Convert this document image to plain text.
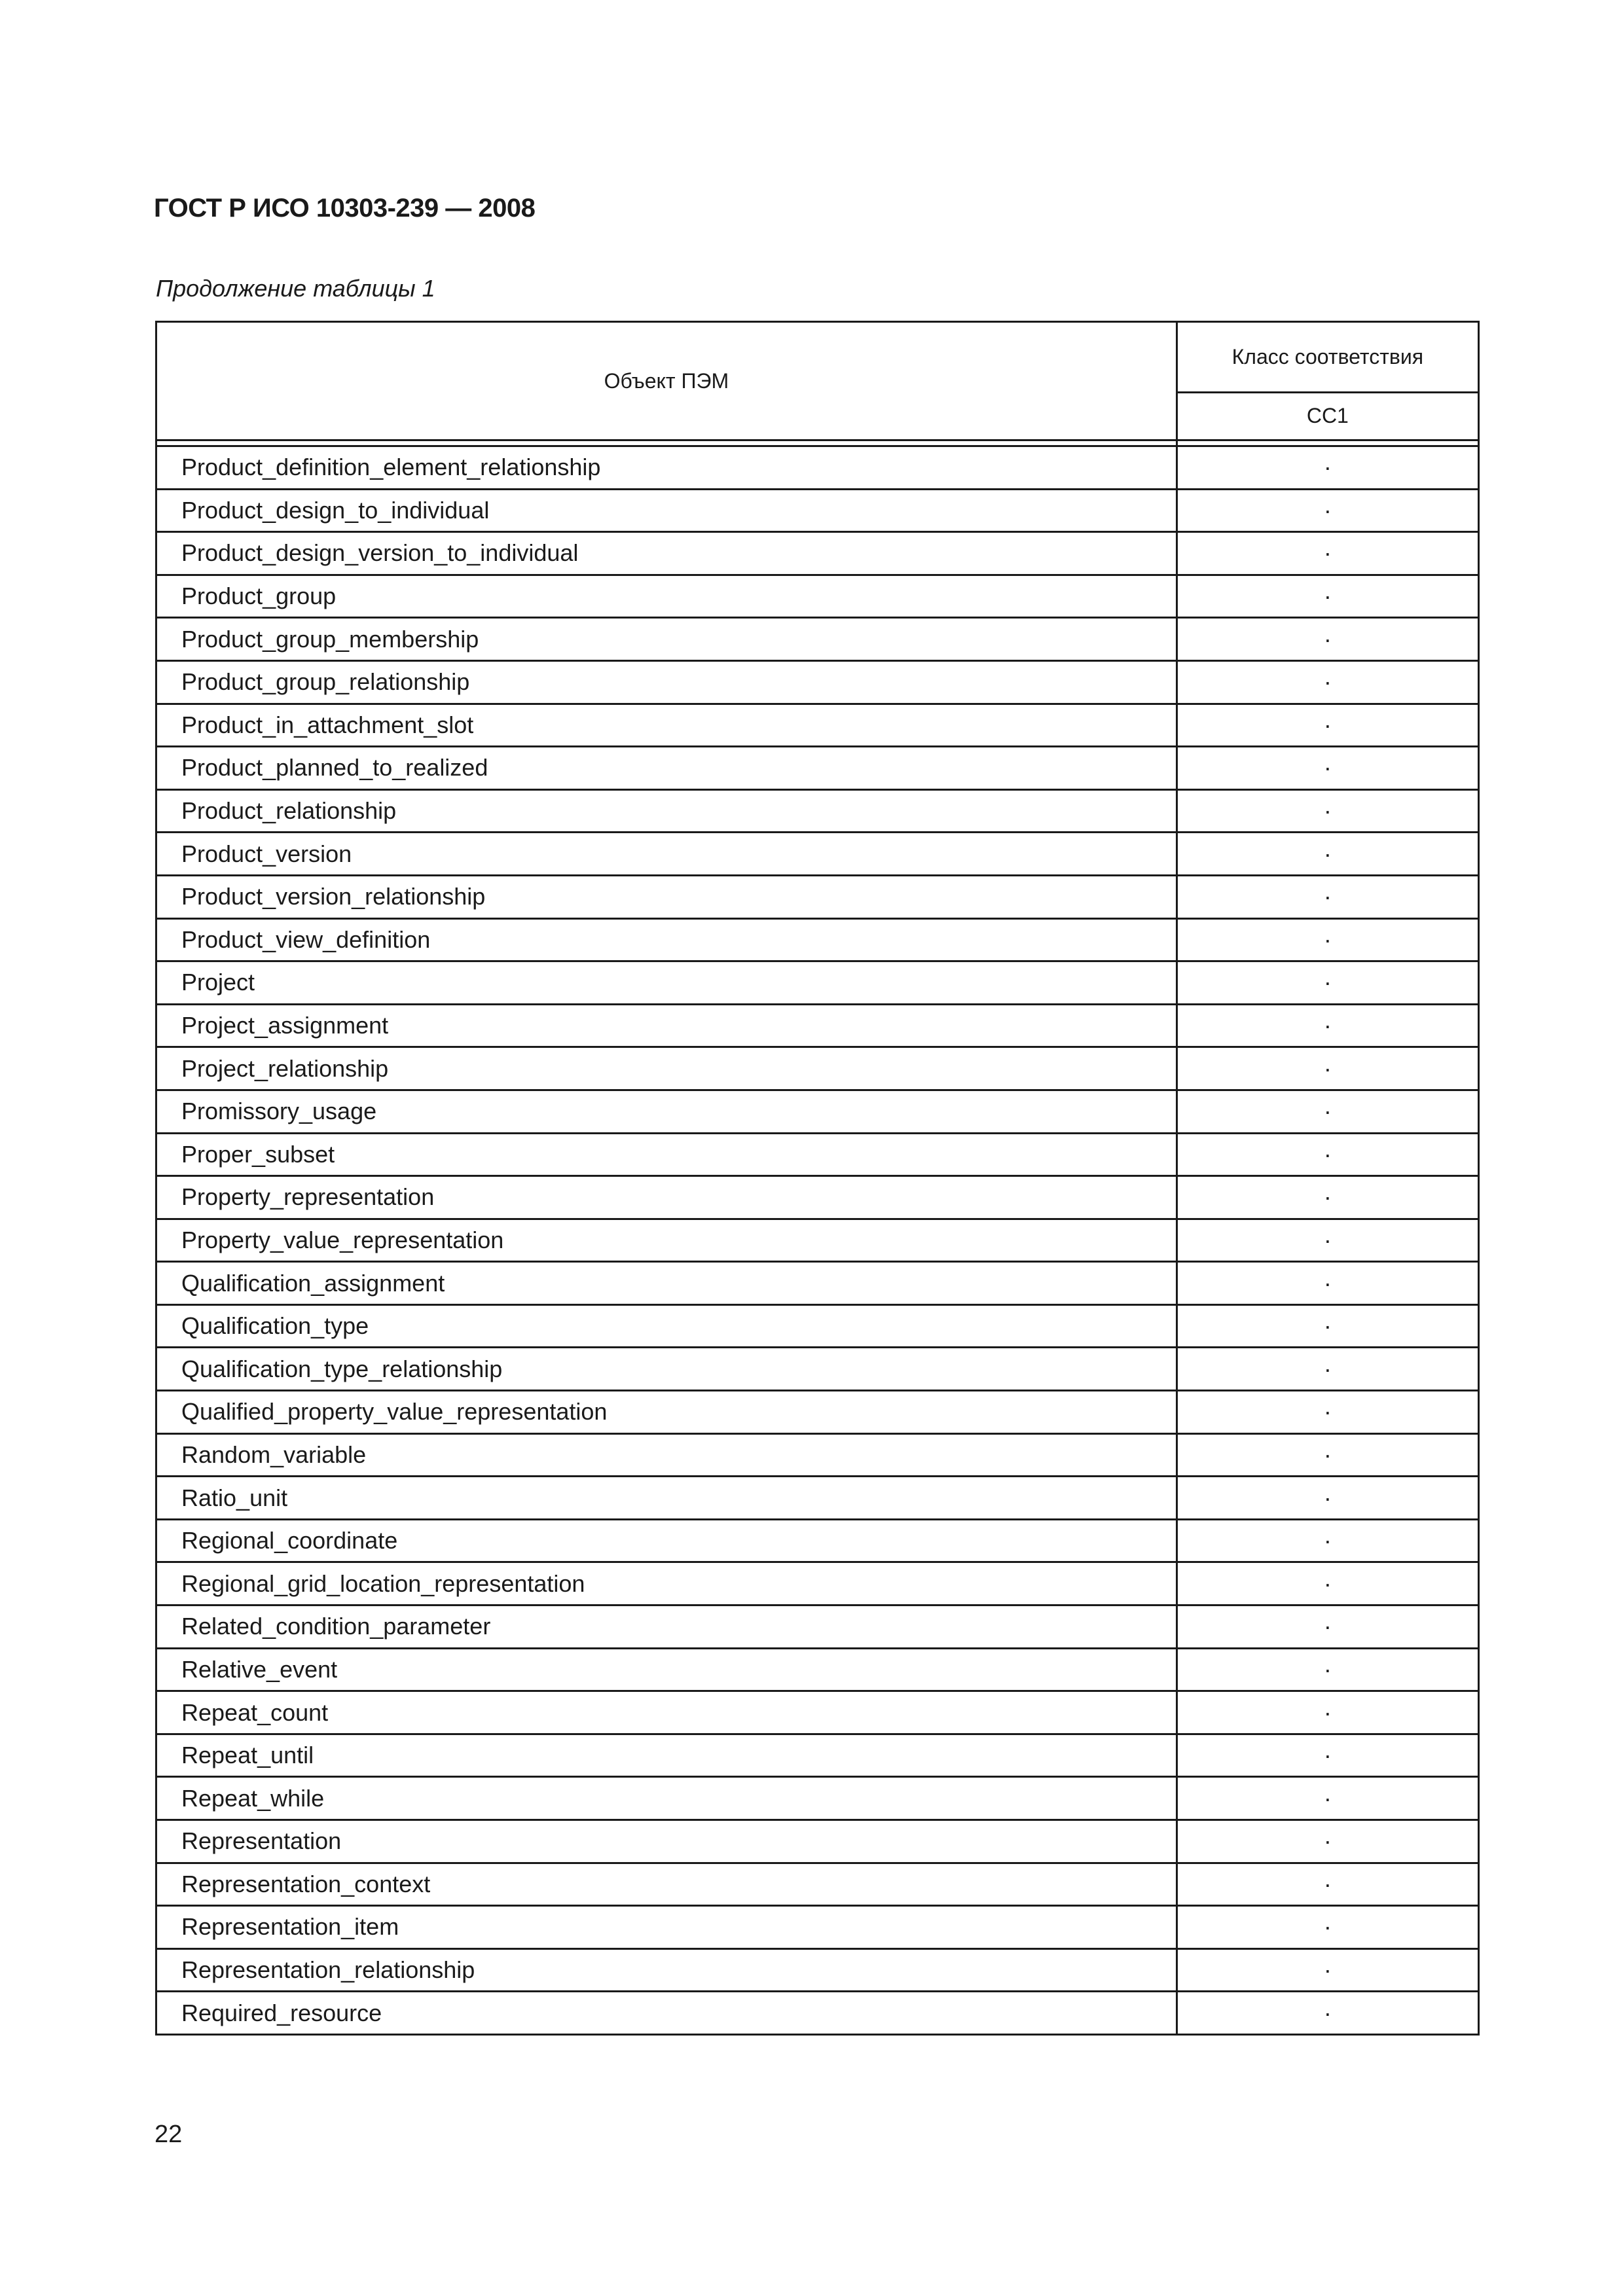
ГОСТ Р ИСО 10303-239 — 2008
Продолжение таблицы 1
Объект ПЭМ	Класс соответствия
	CC1

Product_definition_element_relationship	·
Product_design_to_individual	·
Product_design_version_to_individual	·
Product_group	·
Product_group_membership	·
Product_group_relationship	·
Product_in_attachment_slot	·
Product_planned_to_realized	·
Product_relationship	·
Product_version	·
Product_version_relationship	·
Product_view_definition	·
Project	·
Project_assignment	·
Project_relationship	·
Promissory_usage	·
Proper_subset	·
Property_representation	·
Property_value_representation	·
Qualification_assignment	·
Qualification_type	·
Qualification_type_relationship	·
Qualified_property_value_representation	·
Random_variable	·
Ratio_unit	·
Regional_coordinate	·
Regional_grid_location_representation	·
Related_condition_parameter	·
Relative_event	·
Repeat_count	·
Repeat_until	·
Repeat_while	·
Representation	·
Representation_context	·
Representation_item	·
Representation_relationship	·
Required_resource	·
22
